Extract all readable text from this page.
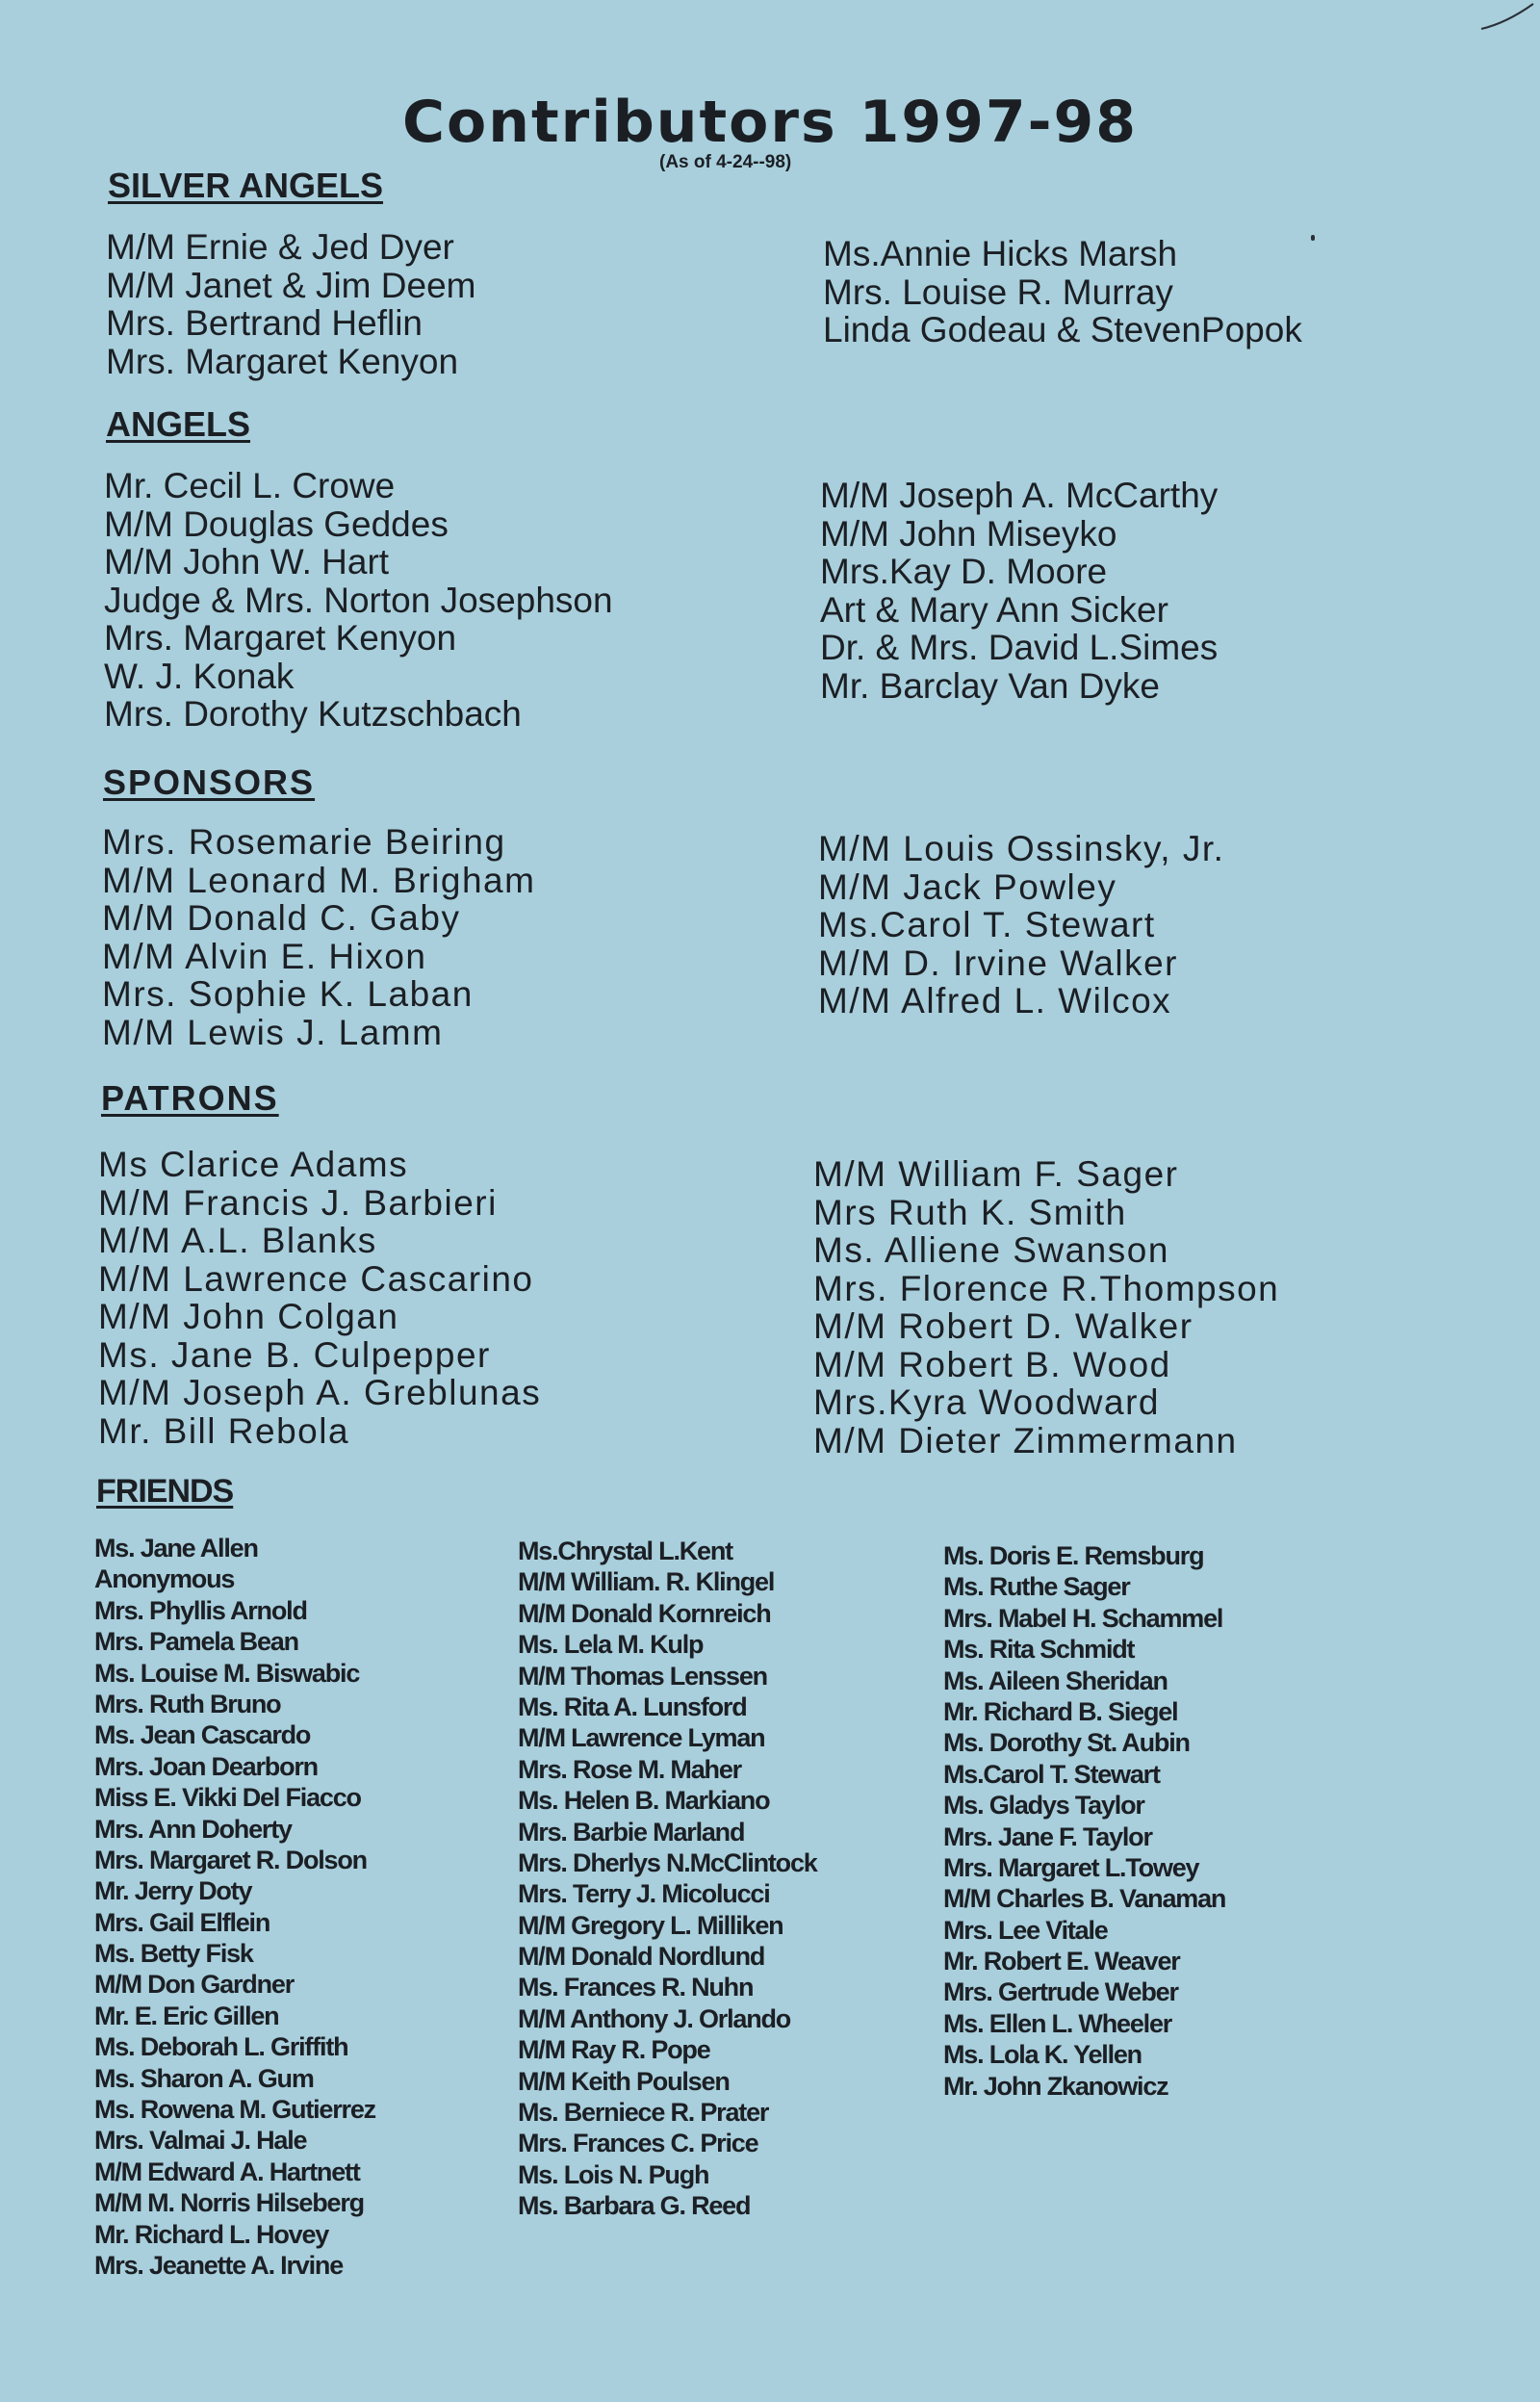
Contributors 1997-98
(As of 4-24--98)
SILVER ANGELS
M/M Ernie & Jed Dyer
M/M Janet & Jim Deem
Mrs. Bertrand Heflin
Mrs. Margaret Kenyon
Ms.Annie Hicks Marsh
Mrs. Louise R. Murray
Linda Godeau & StevenPopok
ANGELS
Mr. Cecil L. Crowe
M/M Douglas Geddes
M/M John W. Hart
Judge & Mrs. Norton Josephson
Mrs. Margaret Kenyon
W. J. Konak
Mrs. Dorothy Kutzschbach
M/M Joseph A. McCarthy
M/M John Miseyko
Mrs.Kay D. Moore
Art & Mary Ann Sicker
Dr. & Mrs. David L.Simes
Mr. Barclay Van Dyke
SPONSORS
Mrs. Rosemarie Beiring
M/M Leonard M. Brigham
M/M Donald C. Gaby
M/M Alvin E. Hixon
Mrs. Sophie K. Laban
M/M Lewis J. Lamm
M/M Louis Ossinsky, Jr.
M/M Jack Powley
Ms.Carol T. Stewart
M/M D. Irvine Walker
M/M Alfred L. Wilcox
PATRONS
Ms Clarice Adams
M/M Francis J. Barbieri
M/M A.L. Blanks
M/M Lawrence Cascarino
M/M John Colgan
Ms. Jane B. Culpepper
M/M Joseph A. Greblunas
Mr. Bill Rebola
M/M William F. Sager
Mrs Ruth K. Smith
Ms. Alliene Swanson
Mrs. Florence R.Thompson
M/M Robert D. Walker
M/M Robert B. Wood
Mrs.Kyra Woodward
M/M Dieter Zimmermann
FRIENDS
Ms. Jane Allen
Anonymous
Mrs. Phyllis Arnold
Mrs. Pamela Bean
Ms. Louise M. Biswabic
Mrs. Ruth Bruno
Ms. Jean Cascardo
Mrs. Joan Dearborn
Miss E. Vikki Del Fiacco
Mrs. Ann Doherty
Mrs. Margaret R. Dolson
Mr. Jerry Doty
Mrs. Gail Elflein
Ms. Betty Fisk
M/M Don Gardner
Mr. E. Eric Gillen
Ms. Deborah L. Griffith
Ms. Sharon A. Gum
Ms. Rowena M. Gutierrez
Mrs. Valmai J. Hale
M/M Edward A. Hartnett
M/M M. Norris Hilseberg
Mr. Richard L. Hovey
Mrs. Jeanette A. Irvine
Ms.Chrystal L.Kent
M/M William. R. Klingel
M/M Donald Kornreich
Ms. Lela M. Kulp
M/M Thomas Lenssen
Ms. Rita A. Lunsford
M/M Lawrence Lyman
Mrs. Rose M. Maher
Ms. Helen B. Markiano
Mrs. Barbie Marland
Mrs. Dherlys N.McClintock
Mrs. Terry J. Micolucci
M/M Gregory L. Milliken
M/M Donald Nordlund
Ms. Frances R. Nuhn
M/M Anthony J. Orlando
M/M Ray R. Pope
M/M Keith Poulsen
Ms. Berniece R. Prater
Mrs. Frances C. Price
Ms. Lois N. Pugh
Ms. Barbara G. Reed
Ms. Doris E. Remsburg
Ms. Ruthe Sager
Mrs. Mabel H. Schammel
Ms. Rita Schmidt
Ms. Aileen Sheridan
Mr. Richard B. Siegel
Ms. Dorothy St. Aubin
Ms.Carol T. Stewart
Ms. Gladys Taylor
Mrs. Jane F. Taylor
Mrs. Margaret L.Towey
M/M Charles B. Vanaman
Mrs. Lee Vitale
Mr. Robert E. Weaver
Mrs. Gertrude Weber
Ms. Ellen L. Wheeler
Ms. Lola K. Yellen
Mr. John Zkanowicz
